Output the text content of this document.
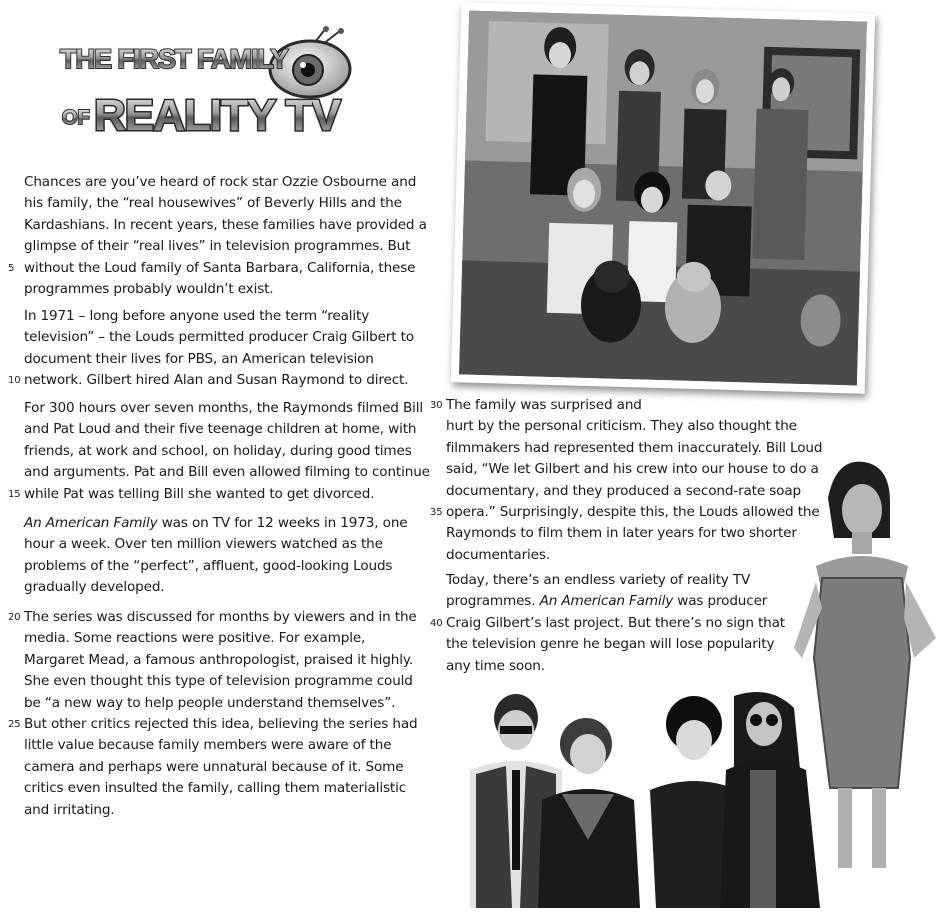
THE FIRST FAMILY
OF REALITY TV
Chances are you’ve heard of rock star Ozzie Osbourne and
his family, the “real housewives” of Beverly Hills and the
Kardashians. In recent years, these families have provided a
glimpse of their “real lives” in television programmes. But
5 without the Loud family of Santa Barbara, California, these
programmes probably wouldn’t exist.
In 1971 – long before anyone used the term “reality
television” – the Louds permitted producer Craig Gilbert to
document their lives for PBS, an American television
10 network. Gilbert hired Alan and Susan Raymond to direct.
For 300 hours over seven months, the Raymonds filmed Bill
and Pat Loud and their five teenage children at home, with
friends, at work and school, on holiday, during good times
and arguments. Pat and Bill even allowed filming to continue
15 while Pat was telling Bill she wanted to get divorced.
An American Family was on TV for 12 weeks in 1973, one
hour a week. Over ten million viewers watched as the
problems of the “perfect”, affluent, good-looking Louds
gradually developed.
20 The series was discussed for months by viewers and in the
media. Some reactions were positive. For example,
Margaret Mead, a famous anthropologist, praised it highly.
She even thought this type of television programme could
be “a new way to help people understand themselves”.
25 But other critics rejected this idea, believing the series had
little value because family members were aware of the
camera and perhaps were unnatural because of it. Some
critics even insulted the family, calling them materialistic
and irritating.
30 The family was surprised and
hurt by the personal criticism. They also thought the
filmmakers had represented them inaccurately. Bill Loud
said, “We let Gilbert and his crew into our house to do a
documentary, and they produced a second-rate soap
35 opera.” Surprisingly, despite this, the Louds allowed the
Raymonds to film them in later years for two shorter
documentaries.
Today, there’s an endless variety of reality TV
programmes. An American Family was producer
40 Craig Gilbert’s last project. But there’s no sign that
the television genre he began will lose popularity
any time soon.
